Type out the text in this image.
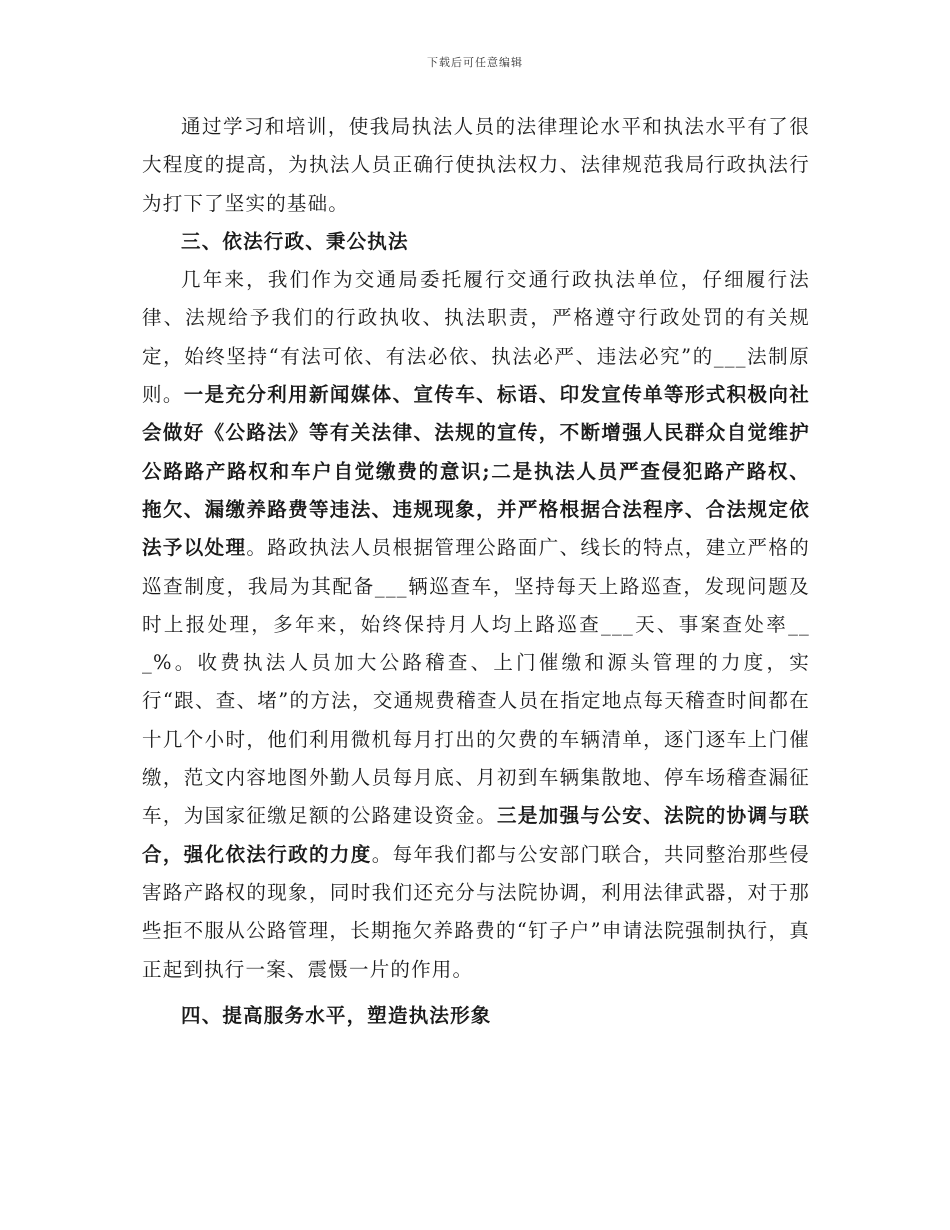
下载后可任意编辑

通过学习和培训，使我局执法人员的法律理论水平和执法水平有了很大程度的提高，为执法人员正确行使执法权力、法律规范我局行政执法行为打下了坚实的基础。

三、依法行政、秉公执法

几年来，我们作为交通局委托履行交通行政执法单位，仔细履行法律、法规给予我们的行政执收、执法职责，严格遵守行政处罚的有关规定，始终坚持“有法可依、有法必依、执法必严、违法必究”的___法制原则。一是充分利用新闻媒体、宣传车、标语、印发宣传单等形式积极向社会做好《公路法》等有关法律、法规的宣传，不断增强人民群众自觉维护公路路产路权和车户自觉缴费的意识;二是执法人员严查侵犯路产路权、拖欠、漏缴养路费等违法、违规现象，并严格根据合法程序、合法规定依法予以处理。路政执法人员根据管理公路面广、线长的特点，建立严格的巡查制度，我局为其配备___辆巡查车，坚持每天上路巡查，发现问题及时上报处理，多年来，始终保持月人均上路巡查___天、事案查处率___%。收费执法人员加大公路稽查、上门催缴和源头管理的力度，实行“跟、查、堵”的方法，交通规费稽查人员在指定地点每天稽查时间都在十几个小时，他们利用微机每月打出的欠费的车辆清单，逐门逐车上门催缴，范文内容地图外勤人员每月底、月初到车辆集散地、停车场稽查漏征车，为国家征缴足额的公路建设资金。三是加强与公安、法院的协调与联合，强化依法行政的力度。每年我们都与公安部门联合，共同整治那些侵害路产路权的现象，同时我们还充分与法院协调，利用法律武器，对于那些拒不服从公路管理，长期拖欠养路费的“钉子户”申请法院强制执行，真正起到执行一案、震慑一片的作用。

四、提高服务水平，塑造执法形象
